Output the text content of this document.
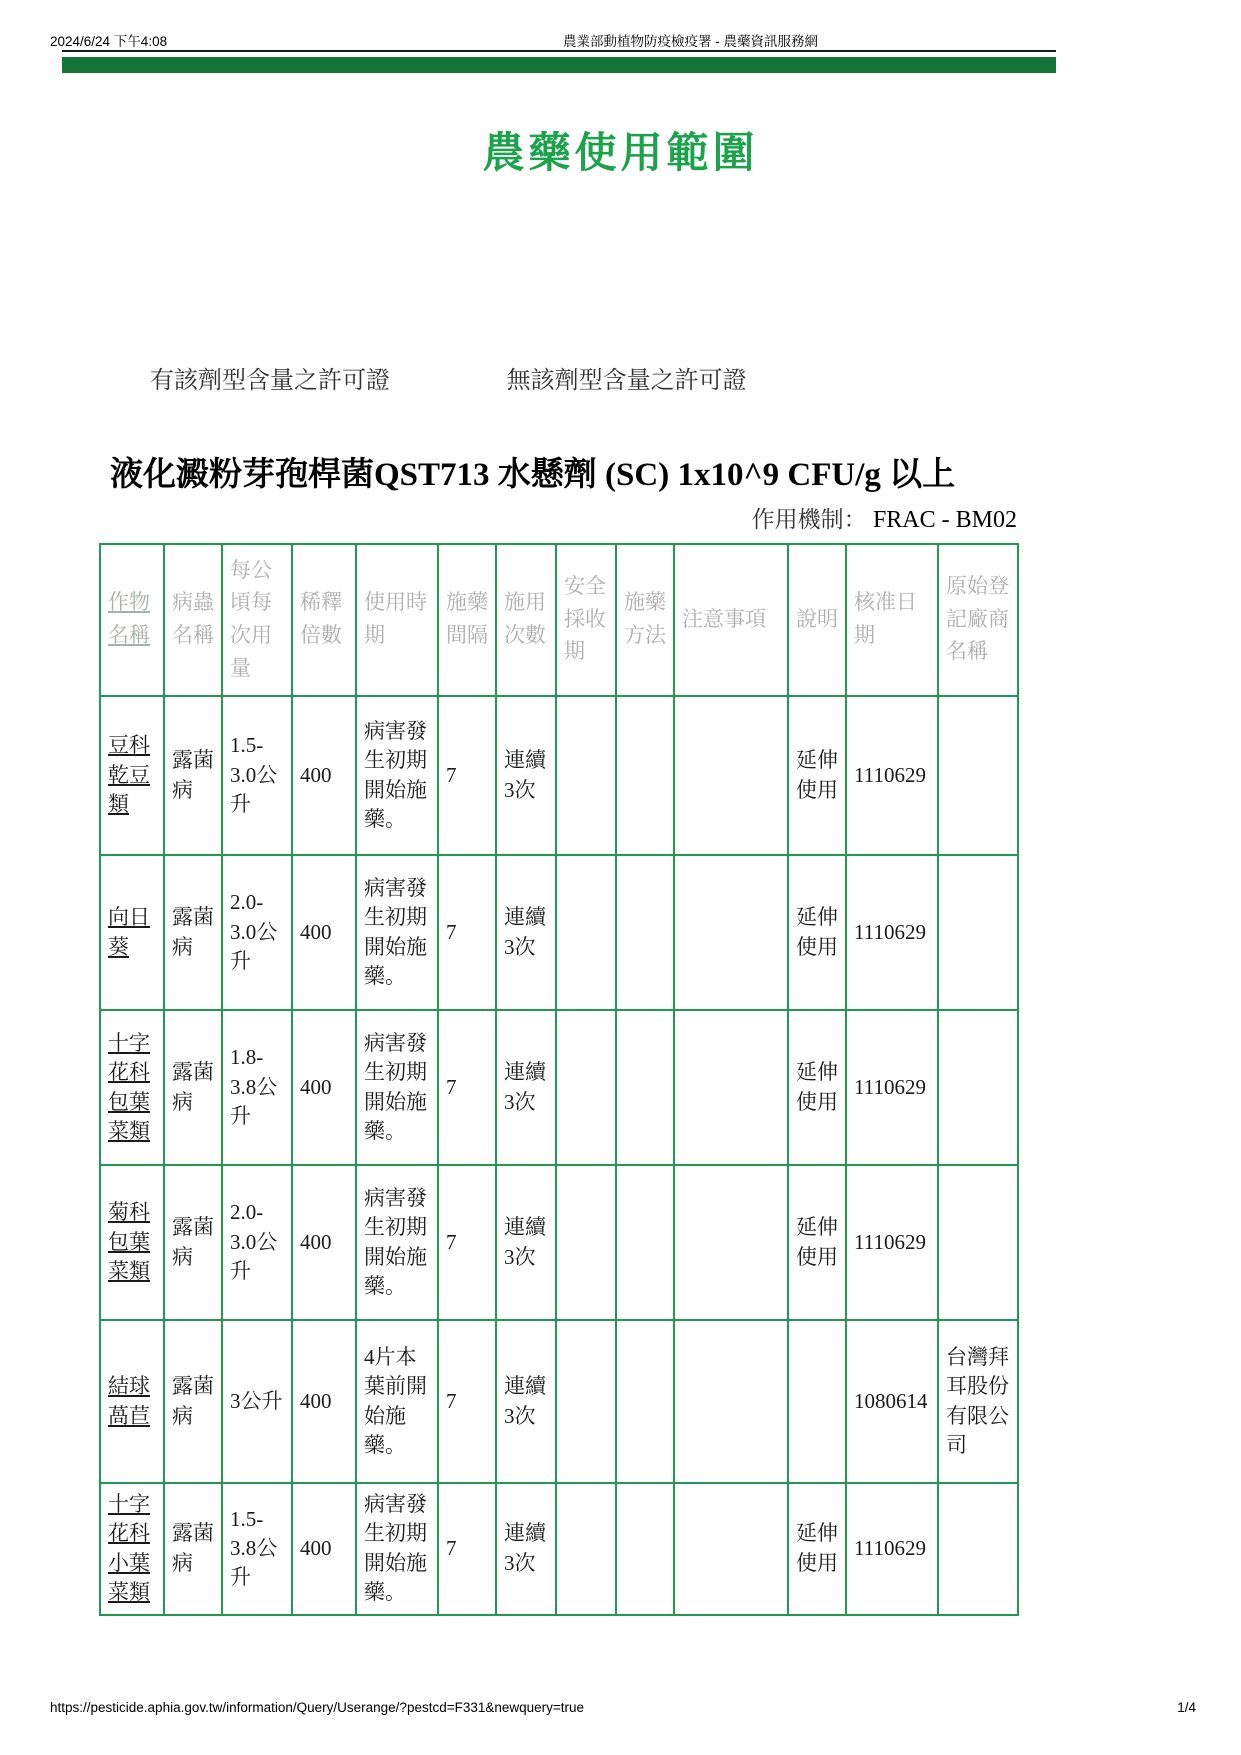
2024/6/24 下午4:08	農業部動植物防疫檢疫署 - 農藥資訊服務網
農藥使用範圍
有該劑型含量之許可證	無該劑型含量之許可證
液化澱粉芽孢桿菌QST713 水懸劑 (SC) 1x10^9 CFU/g 以上
作用機制： FRAC - BM02
作物名稱	病蟲名稱	每公頃每次用量	稀釋倍數	使用時期	施藥間隔	施用次數	安全採收期	施藥方法	注意事項	說明	核准日期	原始登記廠商名稱
豆科乾豆類	露菌病	1.5-3.0公升	400	病害發生初期開始施藥。	7	連續3次				延伸使用	1110629	
向日葵	露菌病	2.0-3.0公升	400	病害發生初期開始施藥。	7	連續3次				延伸使用	1110629	
十字花科包葉菜類	露菌病	1.8-3.8公升	400	病害發生初期開始施藥。	7	連續3次				延伸使用	1110629	
菊科包葉菜類	露菌病	2.0-3.0公升	400	病害發生初期開始施藥。	7	連續3次				延伸使用	1110629	
結球萵苣	露菌病	3公升	400	4片本葉前開始施藥。	7	連續3次					1080614	台灣拜耳股份有限公司
十字花科小葉菜類	露菌病	1.5-3.8公升	400	病害發生初期開始施藥。	7	連續3次				延伸使用	1110629	
https://pesticide.aphia.gov.tw/information/Query/Userange/?pestcd=F331&newquery=true	1/4
